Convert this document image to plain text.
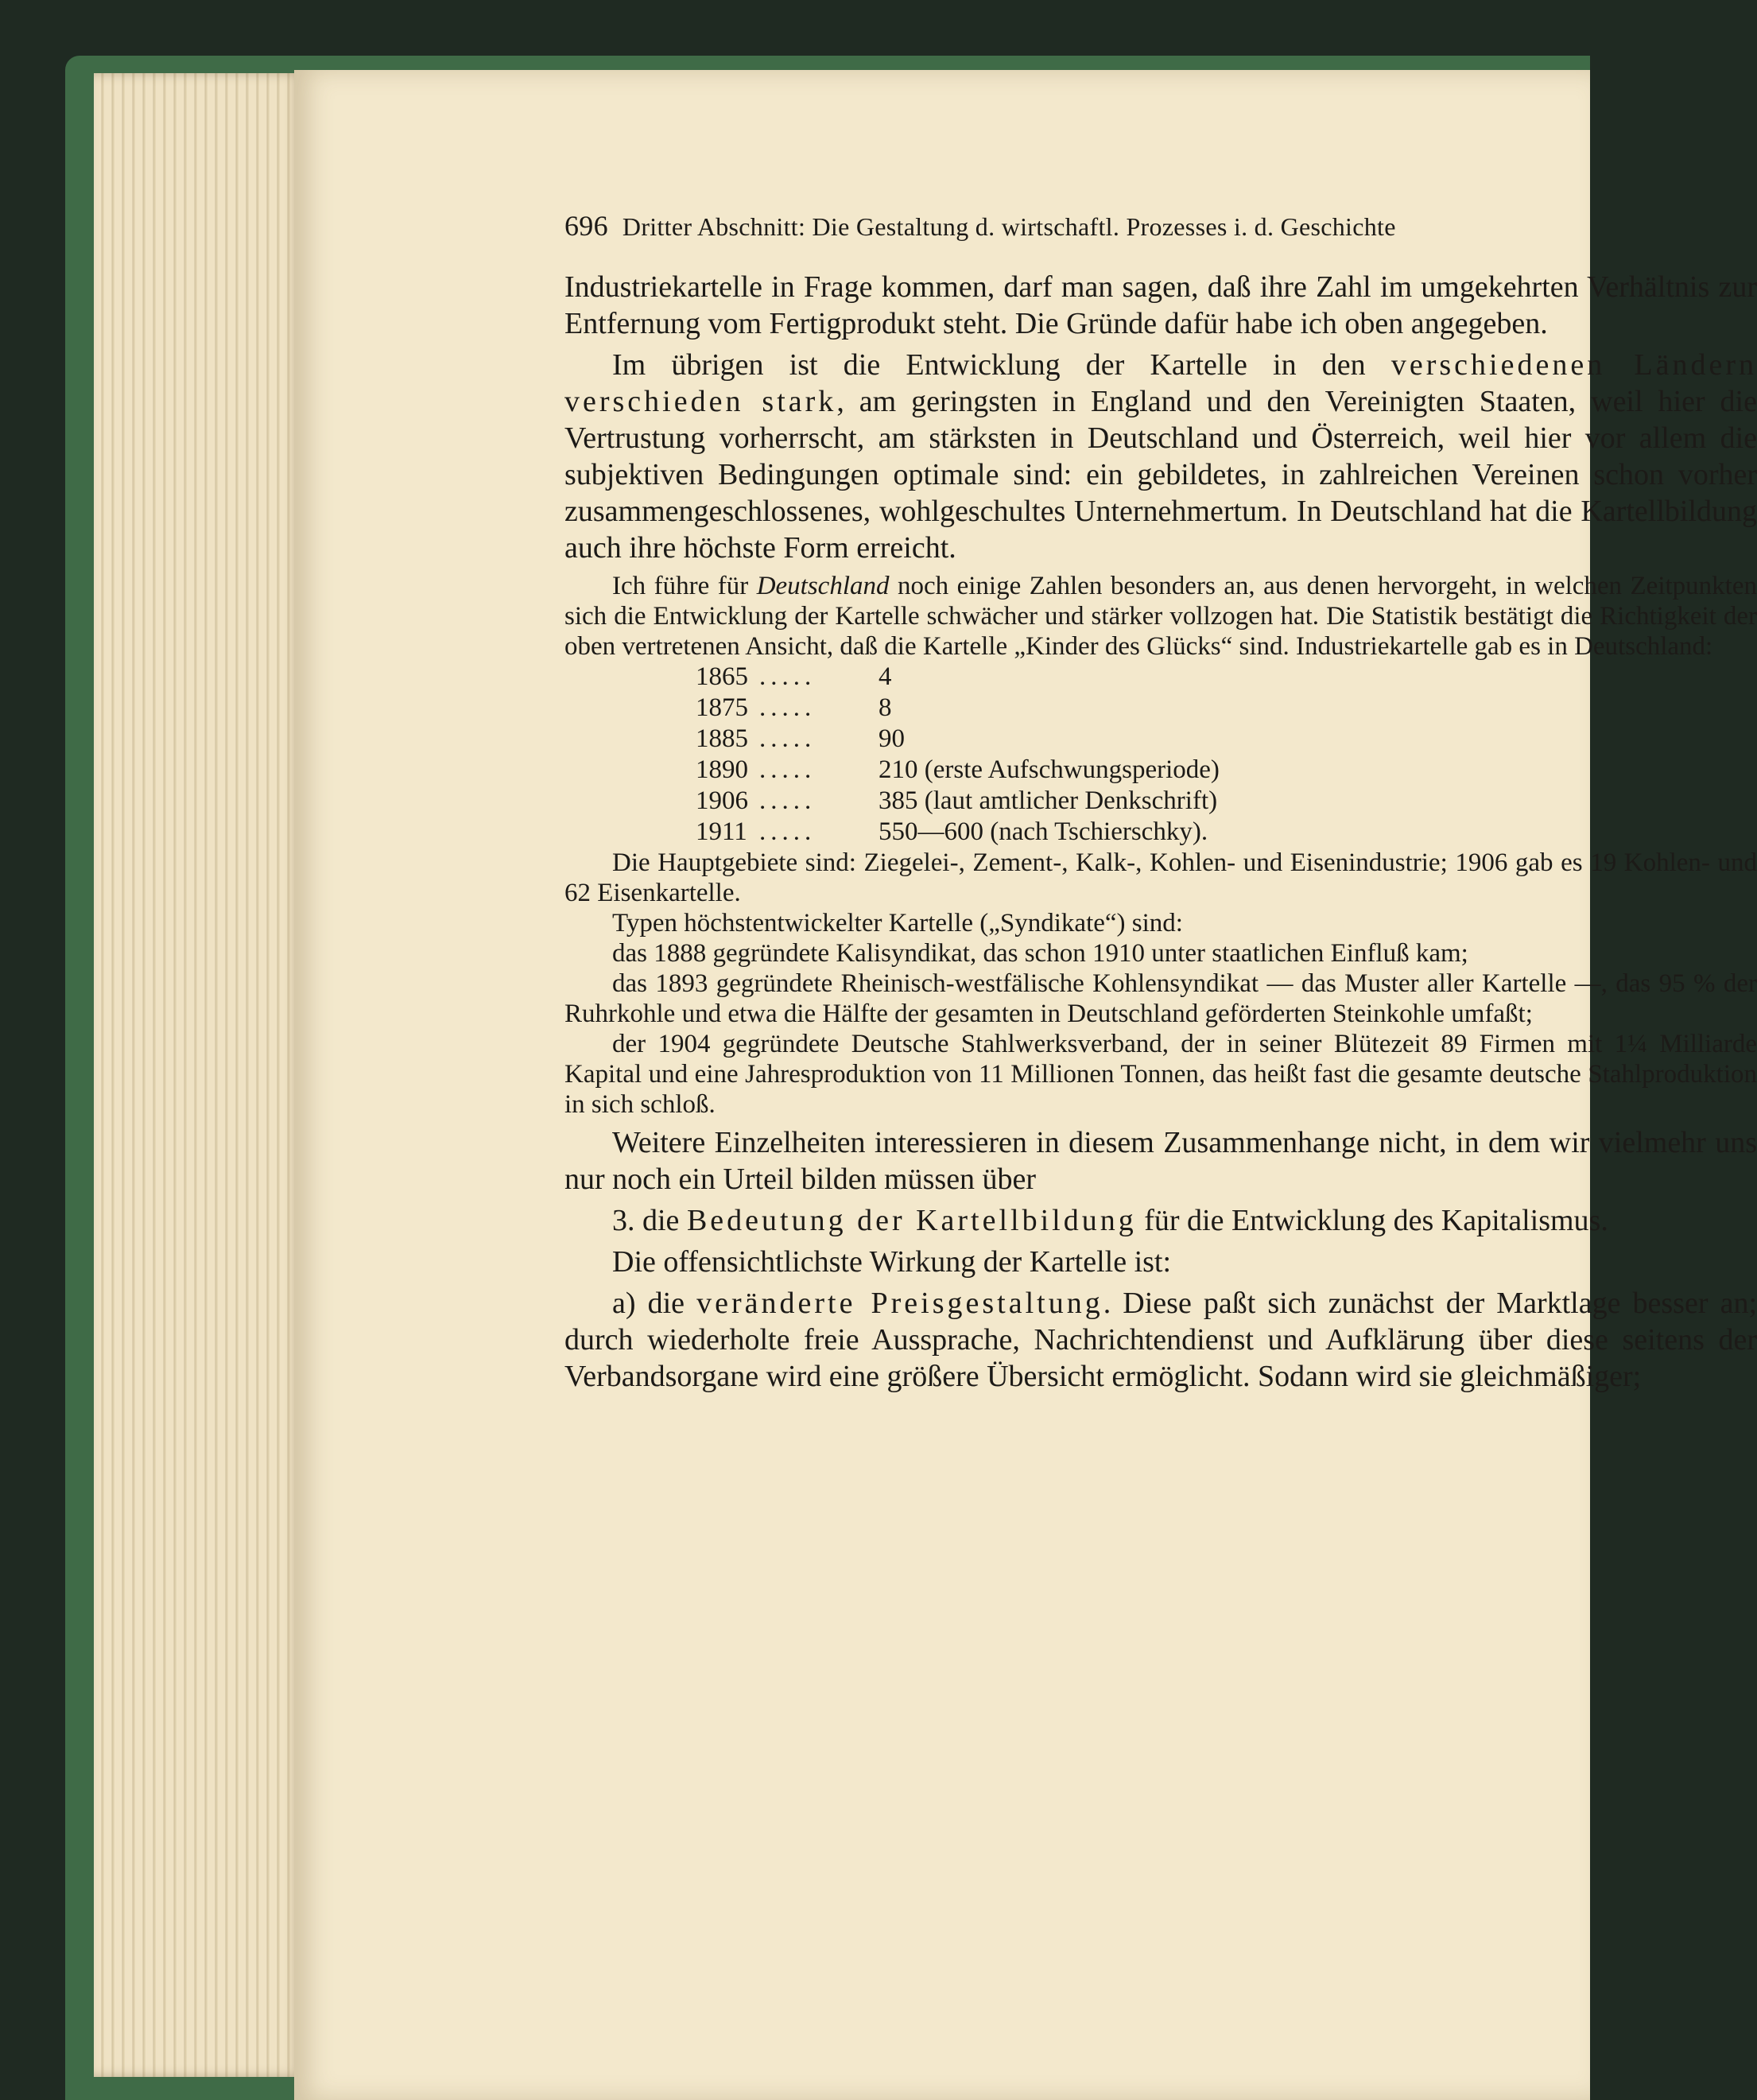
696 Dritter Abschnitt: Die Gestaltung d. wirtschaftl. Prozesses i. d. Geschichte

Industriekartelle in Frage kommen, darf man sagen, daß ihre Zahl im umgekehrten Verhältnis zur Entfernung vom Fertigprodukt steht. Die Gründe dafür habe ich oben angegeben.

Im übrigen ist die Entwicklung der Kartelle in den verschiedenen Ländern verschieden stark, am geringsten in England und den Vereinigten Staaten, weil hier die Vertrustung vorherrscht, am stärksten in Deutschland und Österreich, weil hier vor allem die subjektiven Bedingungen optimale sind: ein gebildetes, in zahlreichen Vereinen schon vorher zusammengeschlossenes, wohlgeschultes Unternehmertum. In Deutschland hat die Kartellbildung auch ihre höchste Form erreicht.

Ich führe für Deutschland noch einige Zahlen besonders an, aus denen hervorgeht, in welchen Zeitpunkten sich die Entwicklung der Kartelle schwächer und stärker vollzogen hat. Die Statistik bestätigt die Richtigkeit der oben vertretenen Ansicht, daß die Kartelle „Kinder des Glücks“ sind. Industriekartelle gab es in Deutschland:

1865 .....	4
1875 .....	8
1885 .....	90
1890 .....	210 (erste Aufschwungsperiode)
1906 .....	385 (laut amtlicher Denkschrift)
1911 .....	550—600 (nach Tschierschky).

Die Hauptgebiete sind: Ziegelei-, Zement-, Kalk-, Kohlen- und Eisenindustrie; 1906 gab es 19 Kohlen- und 62 Eisenkartelle.

Typen höchstentwickelter Kartelle („Syndikate“) sind:

das 1888 gegründete Kalisyndikat, das schon 1910 unter staatlichen Einfluß kam;

das 1893 gegründete Rheinisch-westfälische Kohlensyndikat — das Muster aller Kartelle —, das 95 % der Ruhrkohle und etwa die Hälfte der gesamten in Deutschland geförderten Steinkohle umfaßt;

der 1904 gegründete Deutsche Stahlwerksverband, der in seiner Blütezeit 89 Firmen mit 1¼ Milliarde Kapital und eine Jahresproduktion von 11 Millionen Tonnen, das heißt fast die gesamte deutsche Stahlproduktion in sich schloß.

Weitere Einzelheiten interessieren in diesem Zusammenhange nicht, in dem wir vielmehr uns nur noch ein Urteil bilden müssen über

3. die Bedeutung der Kartellbildung für die Entwicklung des Kapitalismus.

Die offensichtlichste Wirkung der Kartelle ist:

a) die veränderte Preisgestaltung. Diese paßt sich zunächst der Marktlage besser an; durch wiederholte freie Aussprache, Nachrichtendienst und Aufklärung über diese seitens der Verbandsorgane wird eine größere Übersicht ermöglicht. Sodann wird sie gleichmäßiger;
